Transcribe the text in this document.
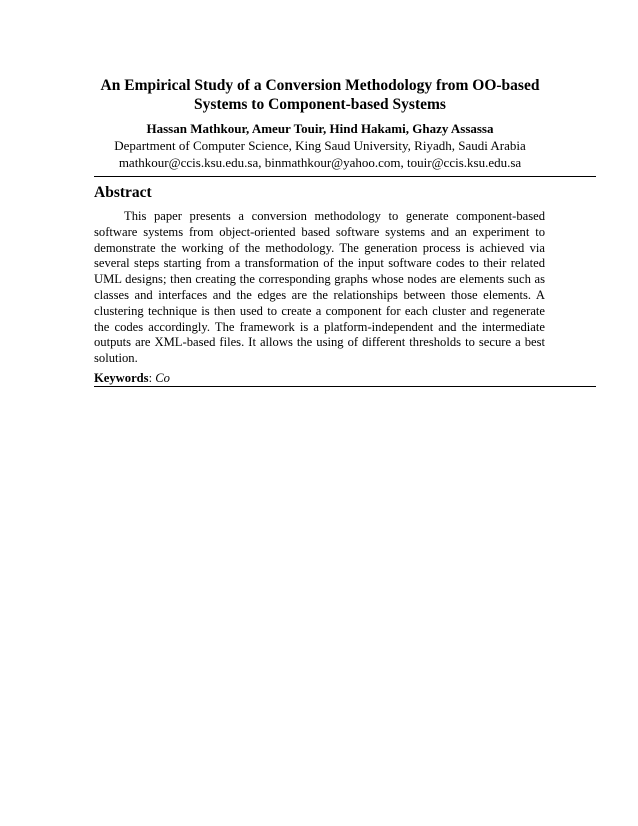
An Empirical Study of a Conversion Methodology from OO-based
Systems to Component-based Systems
Hassan Mathkour, Ameur Touir, Hind Hakami, Ghazy Assassa
Department of Computer Science, King Saud University, Riyadh, Saudi Arabia
mathkour@ccis.ksu.edu.sa, binmathkour@yahoo.com, touir@ccis.ksu.edu.sa
Abstract

This paper presents a conversion methodology to generate component-based software systems from object-oriented based software systems and an experiment to demonstrate the working of the methodology. The generation process is achieved via several steps starting from a transformation of the input software codes to their related UML designs; then creating the corresponding graphs whose nodes are elements such as classes and interfaces and the edges are the relationships between those elements. A clustering technique is then used to create a component for each cluster and regenerate the codes accordingly. The framework is a platform-independent and the intermediate outputs are XML-based files. It allows the using of different thresholds to secure a best solution.

Keywords: Co
